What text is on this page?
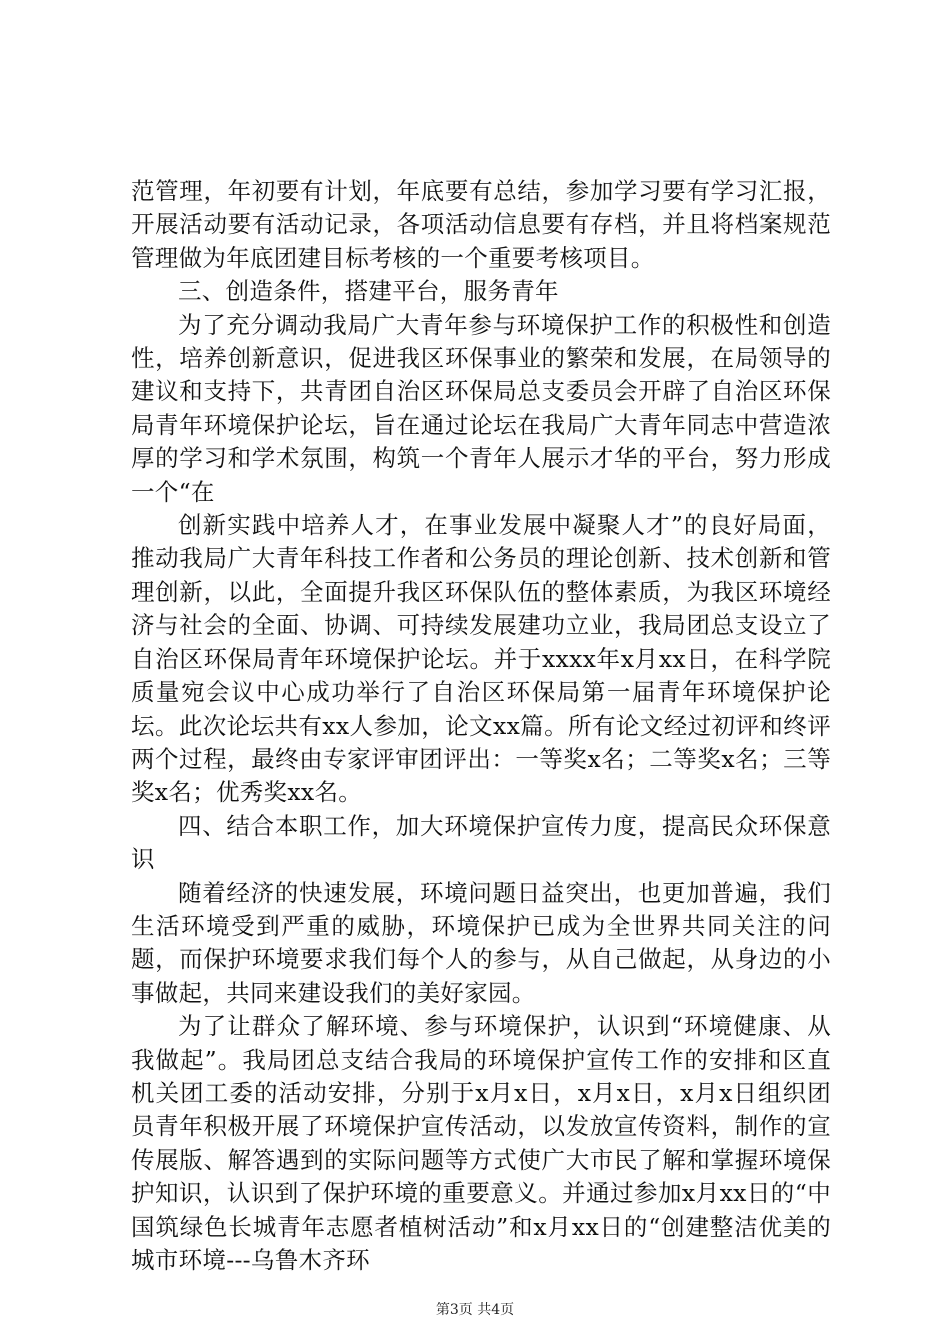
范管理，年初要有计划，年底要有总结，参加学习要有学习汇报，开展活动要有活动记录，各项活动信息要有存档，并且将档案规范管理做为年底团建目标考核的一个重要考核项目。

三、创造条件，搭建平台，服务青年

为了充分调动我局广大青年参与环境保护工作的积极性和创造性，培养创新意识，促进我区环保事业的繁荣和发展，在局领导的建议和支持下，共青团自治区环保局总支委员会开辟了自治区环保局青年环境保护论坛，旨在通过论坛在我局广大青年同志中营造浓厚的学习和学术氛围，构筑一个青年人展示才华的平台，努力形成一个“在

创新实践中培养人才，在事业发展中凝聚人才”的良好局面，推动我局广大青年科技工作者和公务员的理论创新、技术创新和管理创新，以此，全面提升我区环保队伍的整体素质，为我区环境经济与社会的全面、协调、可持续发展建功立业，我局团总支设立了自治区环保局青年环境保护论坛。并于xxxx年x月xx日，在科学院质量宛会议中心成功举行了自治区环保局第一届青年环境保护论坛。此次论坛共有xx人参加，论文xx篇。所有论文经过初评和终评两个过程，最终由专家评审团评出：一等奖x名；二等奖x名；三等奖x名；优秀奖xx名。

四、结合本职工作，加大环境保护宣传力度，提高民众环保意识

随着经济的快速发展，环境问题日益突出，也更加普遍，我们生活环境受到严重的威胁，环境保护已成为全世界共同关注的问题，而保护环境要求我们每个人的参与，从自己做起，从身边的小事做起，共同来建设我们的美好家园。

为了让群众了解环境、参与环境保护，认识到“环境健康、从我做起”。我局团总支结合我局的环境保护宣传工作的安排和区直机关团工委的活动安排，分别于x月x日，x月x日，x月x日组织团员青年积极开展了环境保护宣传活动，以发放宣传资料，制作的宣传展版、解答遇到的实际问题等方式使广大市民了解和掌握环境保护知识，认识到了保护环境的重要意义。并通过参加x月xx日的“中国筑绿色长城青年志愿者植树活动”和x月xx日的“创建整洁优美的城市环境---乌鲁木齐环

第3页 共4页
